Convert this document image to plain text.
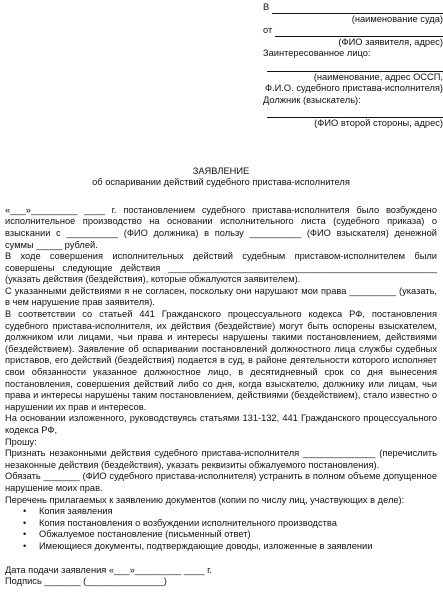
В
(наименование суда)
от
(ФИО заявителя, адрес)
Заинтересованное лицо:
(наименование, адрес ОССП,
Ф.И.О. судебного пристава-исполнителя)
Должник (взыскатель):
(ФИО второй стороны, адрес)
ЗАЯВЛЕНИЕ
об оспаривании действий судебного пристава-исполнителя

«___»_________ ____ г. постановлением судебного пристава-исполнителя было возбуждено исполнительное производство на основании исполнительного листа (судебного приказа) о взыскании с __________ (ФИО должника) в пользу __________ (ФИО взыскателя) денежной суммы _____ рублей.

В ходе совершения исполнительных действий судебным приставом-исполнителем были совершены следующие действия ____________________________________________________ (указать действия (бездействия), которые обжалуются заявителем).

С указанными действиями я не согласен, поскольку они нарушают мои права _________ (указать, в чем нарушение прав заявителя).

В соответствии со статьей 441 Гражданского процессуального кодекса РФ, постановления судебного пристава-исполнителя, их действия (бездействие) могут быть оспорены взыскателем, должником или лицами, чьи права и интересы нарушены такими постановлением, действиями (бездействием). Заявление об оспаривании постановлений должностного лица службы судебных приставов, его действий (бездействия) подается в суд, в районе деятельности которого исполняет свои обязанности указанное должностное лицо, в десятидневный срок со дня вынесения постановления, совершения действий либо со дня, когда взыскателю, должнику или лицам, чьи права и интересы нарушены таким постановлением, действиями (бездействием), стало известно о нарушении их прав и интересов.

На основании изложенного, руководствуясь статьями 131-132, 441 Гражданского процессуального кодекса РФ,

Прошу:

Признать незаконными действия судебного пристава-исполнителя ______________ (перечислить незаконные действия (бездействия), указать реквизиты обжалуемого постановления).

Обязать _______ (ФИО судебного пристава-исполнителя) устранить в полном объеме допущенное нарушение моих прав.

Перечень прилагаемых к заявлению документов (копии по числу лиц, участвующих в деле):

• Копия заявления
• Копия постановления о возбуждении исполнительного производства
• Обжалуемое постановление (письменный ответ)
• Имеющиеся документы, подтверждающие доводы, изложенные в заявлении
Дата подачи заявления «___»_________ ____ г.
Подпись _______ (_______________)
